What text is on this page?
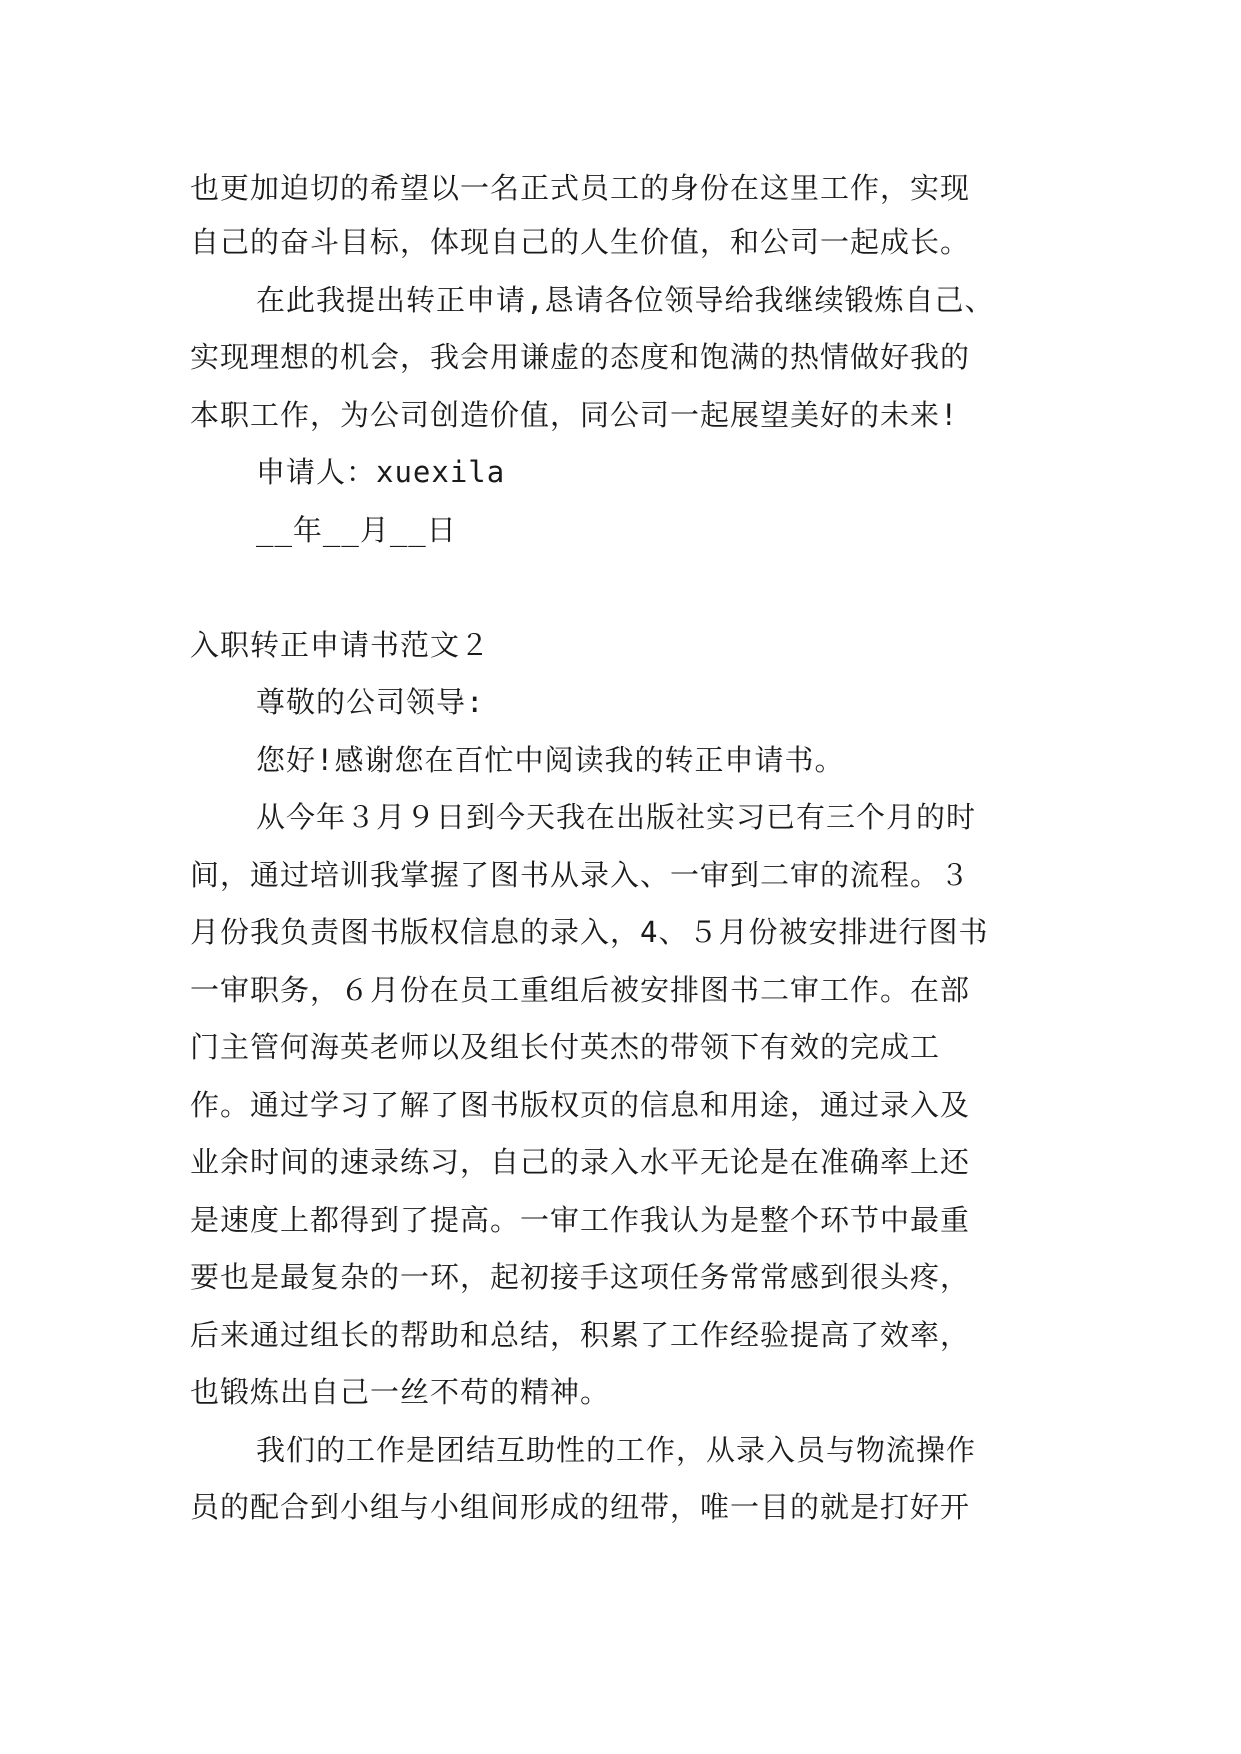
也更加迫切的希望以一名正式员工的身份在这里工作，实现
自己的奋斗目标，体现自己的人生价值，和公司一起成长。
在此我提出转正申请,恳请各位领导给我继续锻炼自己、
实现理想的机会，我会用谦虚的态度和饱满的热情做好我的
本职工作，为公司创造价值，同公司一起展望美好的未来!
申请人：xuexila
__年__月__日
入职转正申请书范文２
尊敬的公司领导:
您好!感谢您在百忙中阅读我的转正申请书。
从今年３月９日到今天我在出版社实习已有三个月的时
间，通过培训我掌握了图书从录入、一审到二审的流程。３
月份我负责图书版权信息的录入，4、５月份被安排进行图书
一审职务，６月份在员工重组后被安排图书二审工作。在部
门主管何海英老师以及组长付英杰的带领下有效的完成工
作。通过学习了解了图书版权页的信息和用途，通过录入及
业余时间的速录练习，自己的录入水平无论是在准确率上还
是速度上都得到了提高。一审工作我认为是整个环节中最重
要也是最复杂的一环，起初接手这项任务常常感到很头疼，
后来通过组长的帮助和总结，积累了工作经验提高了效率，
也锻炼出自己一丝不苟的精神。
我们的工作是团结互助性的工作，从录入员与物流操作
员的配合到小组与小组间形成的纽带，唯一目的就是打好开
